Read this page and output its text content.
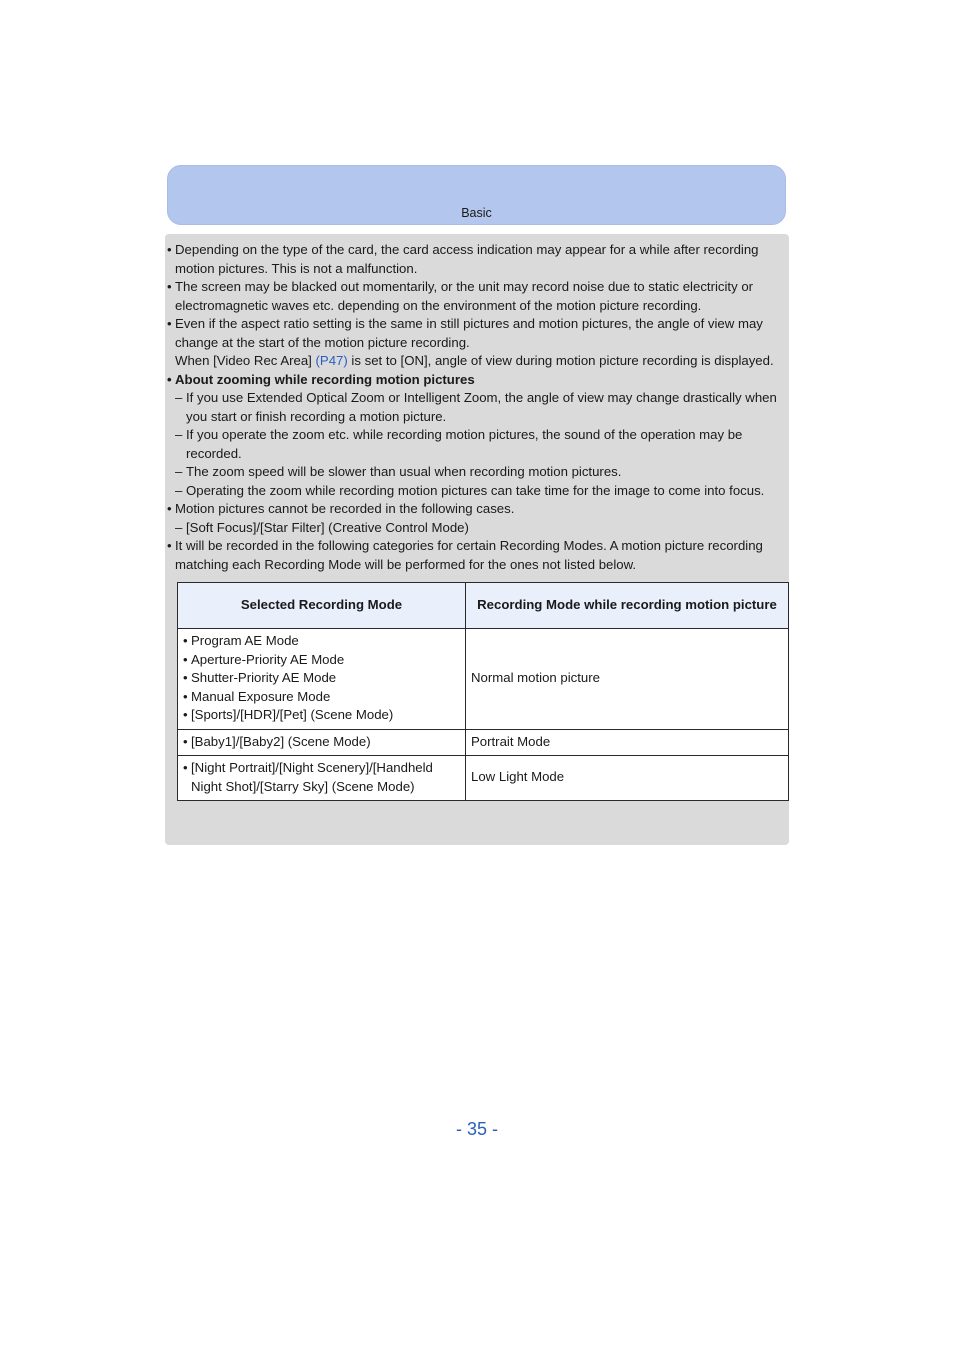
Basic
• Depending on the type of the card, the card access indication may appear for a while after recording motion pictures. This is not a malfunction.
• The screen may be blacked out momentarily, or the unit may record noise due to static electricity or electromagnetic waves etc. depending on the environment of the motion picture recording.
• Even if the aspect ratio setting is the same in still pictures and motion pictures, the angle of view may change at the start of the motion picture recording.
When [Video Rec Area] (P47) is set to [ON], angle of view during motion picture recording is displayed.
• About zooming while recording motion pictures
– If you use Extended Optical Zoom or Intelligent Zoom, the angle of view may change drastically when you start or finish recording a motion picture.
– If you operate the zoom etc. while recording motion pictures, the sound of the operation may be recorded.
– The zoom speed will be slower than usual when recording motion pictures.
– Operating the zoom while recording motion pictures can take time for the image to come into focus.
• Motion pictures cannot be recorded in the following cases.
– [Soft Focus]/[Star Filter] (Creative Control Mode)
• It will be recorded in the following categories for certain Recording Modes. A motion picture recording matching each Recording Mode will be performed for the ones not listed below.
Selected Recording Mode	Recording Mode while recording motion picture

• Program AE Mode
• Aperture-Priority AE Mode
• Shutter-Priority AE Mode
• Manual Exposure Mode
• [Sports]/[HDR]/[Pet] (Scene Mode)	Normal motion picture

• [Baby1]/[Baby2] (Scene Mode)	Portrait Mode

• [Night Portrait]/[Night Scenery]/[Handheld Night Shot]/[Starry Sky] (Scene Mode)	Low Light Mode
- 35 -
